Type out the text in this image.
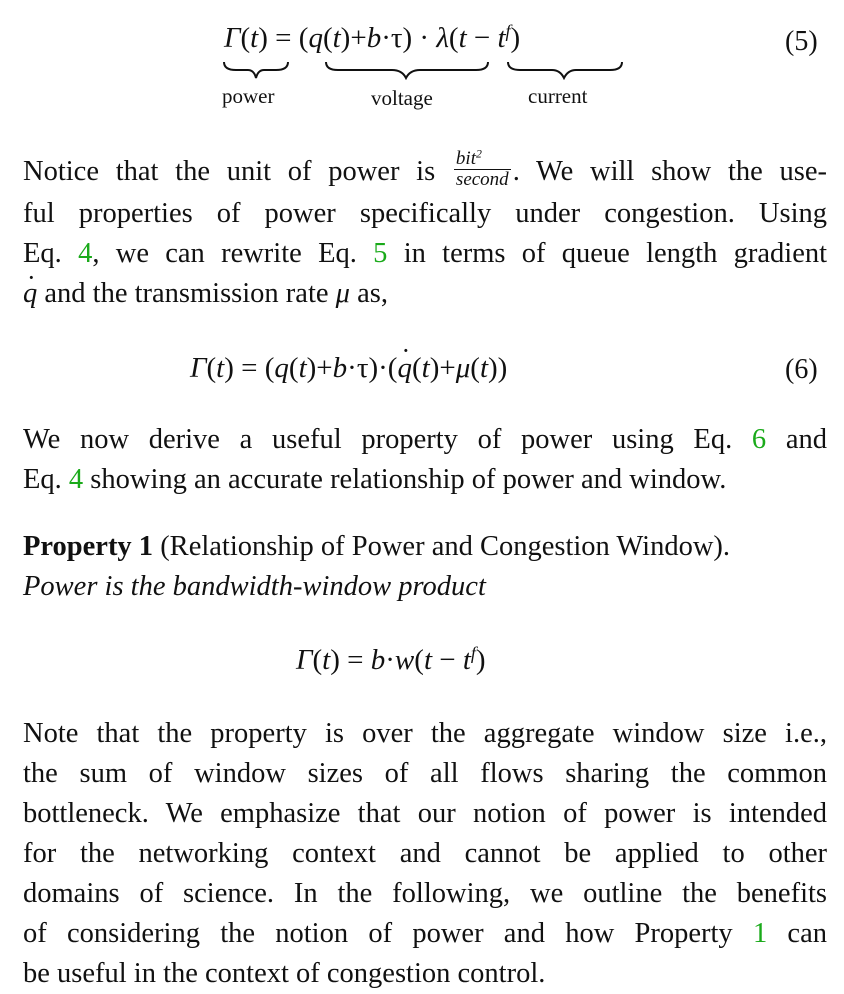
$\Gamma(t) = (q(t)+b\cdot\tau) \cdot \lambda(t - t^f)$	(5)
power	voltage	current
Notice that the unit of power is $\frac{bit^2}{\text{second}}$ . We will show the use-
ful properties of power specifically under congestion. Using
Eq. 4, we can rewrite Eq. 5 in terms of queue length gradient
q · and the transmission rate μ as,
Γ(t) = (q(t)+b·τ)·(q ·(t)+μ(t))	(6)
We now derive a useful property of power using Eq. 6 and
Eq. 4 showing an accurate relationship of power and window.
Property 1 (Relationship of Power and Congestion Window).
Power is the bandwidth-window product
$\Gamma(t) = b\cdot w(t - t^f)$
Note that the property is over the aggregate window size i.e.,
the sum of window sizes of all flows sharing the common
bottleneck. We emphasize that our notion of power is intended
for the networking context and cannot be applied to other
domains of science. In the following, we outline the benefits
of considering the notion of power and how Property 1 can
be useful in the context of congestion control.
